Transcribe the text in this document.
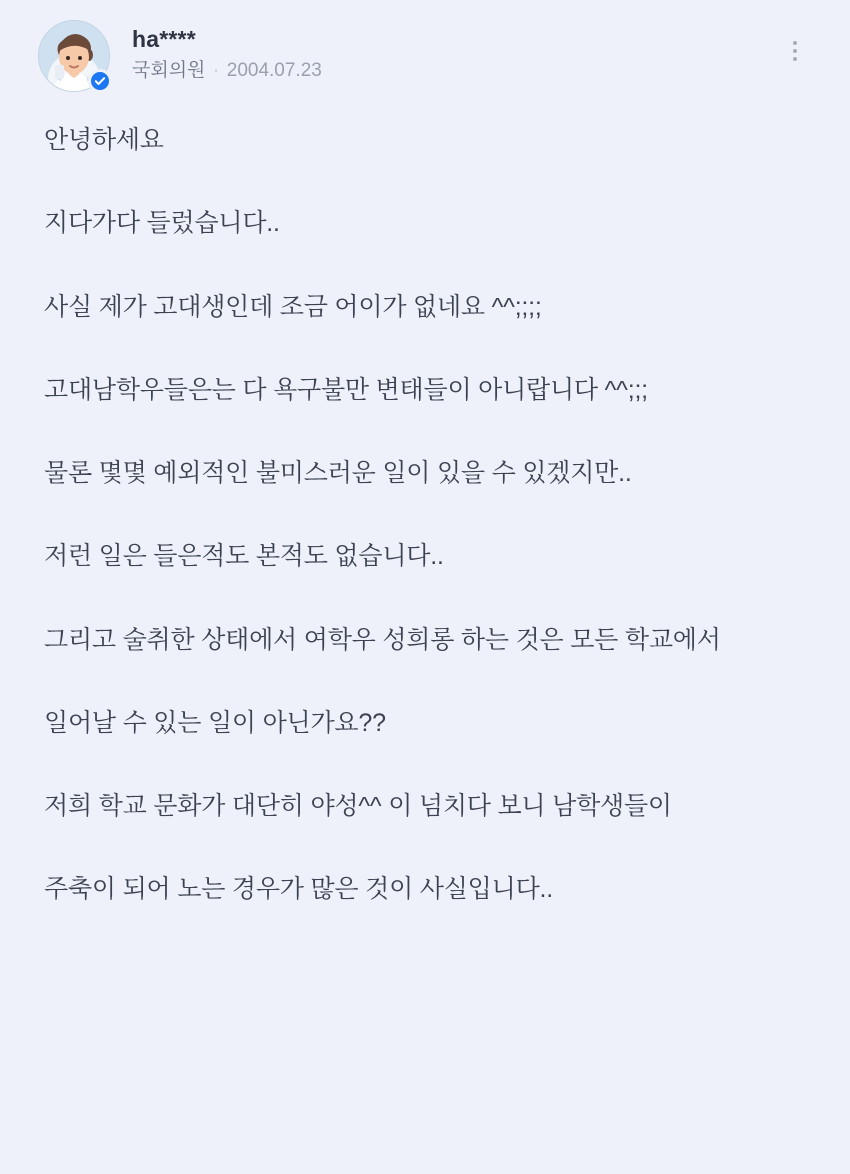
ha****
국회의원 · 2004.07.23

안녕하세요

지다가다 들렀습니다..

사실 제가 고대생인데 조금 어이가 없네요 ^^;;;;

고대남학우들은는 다 욕구불만 변태들이 아니랍니다 ^^;;;

물론 몇몇 예외적인 불미스러운 일이 있을 수 있겠지만..

저런 일은 들은적도 본적도 없습니다..

그리고 술취한 상태에서 여학우 성희롱 하는 것은 모든 학교에서

일어날 수 있는 일이 아닌가요??

저희 학교 문화가 대단히 야성^^ 이 넘치다 보니 남학생들이

주축이 되어 노는 경우가 많은 것이 사실입니다..
